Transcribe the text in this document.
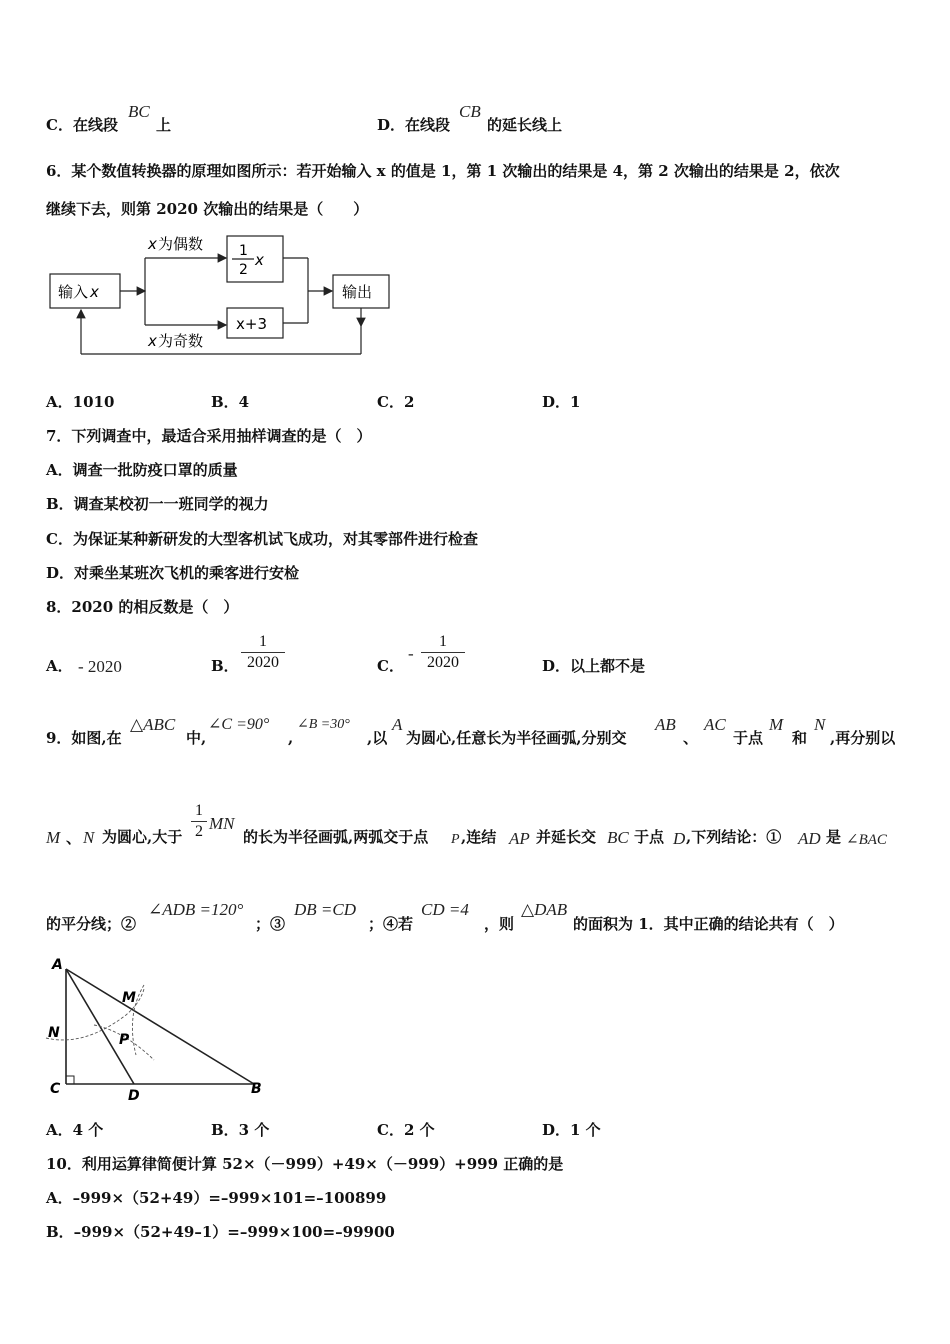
C．在线段
BC
上	D．在线段
CB
的延长线上
6．某个数值转换器的原理如图所示：若开始输入 x 的值是 1，第 1 次输出的结果是 4，第 2 次输出的结果是 2，依次
继续下去，则第 2020 次输出的结果是（　　）
输入 x
x 为偶数
x 为奇数
1
2
x
x+3
输出
A．1010	B．4	C．2	D．1
7．下列调查中，最适合采用抽样调查的是（　）
A．调查一批防疫口罩的质量
B．调查某校初一一班同学的视力
C．为保证某种新研发的大型客机试飞成功，对其零部件进行检查
D．对乘坐某班次飞机的乘客进行安检
8．2020 的相反数是（　）
A． - 2020	B． $\frac{1}{2020}$	C．
- $\frac{1}{2020}$	D．以上都不是
9．如图,在
△ABC
中,
∠C =90°
,
∠B =30°
,以
A
为圆心,任意长为半径画弧,分别交
AB
、
AC
于点
M
和
N
,再分别以
M 、 N 为圆心,大于 $\frac{1}{2}$ MN
的长为半径画弧,两弧交于点 P ,连结 AP 并延长交 BC 于点 D ,下列结论：① AD 是 ∠BAC
的平分线；②
∠ADB =120°
；③
DB =CD
；④若
CD =4
，则
△DAB
的面积为 1．其中正确的结论共有（　）
A
M
N	P
C	D	B
A．4 个	B．3 个	C．2 个	D．1 个
10．利用运算律简便计算 52×（－999）+49×（－999）+999 正确的是
A．–999×（52+49）=–999×101=–100899
B．–999×（52+49–1）=–999×100=–99900
